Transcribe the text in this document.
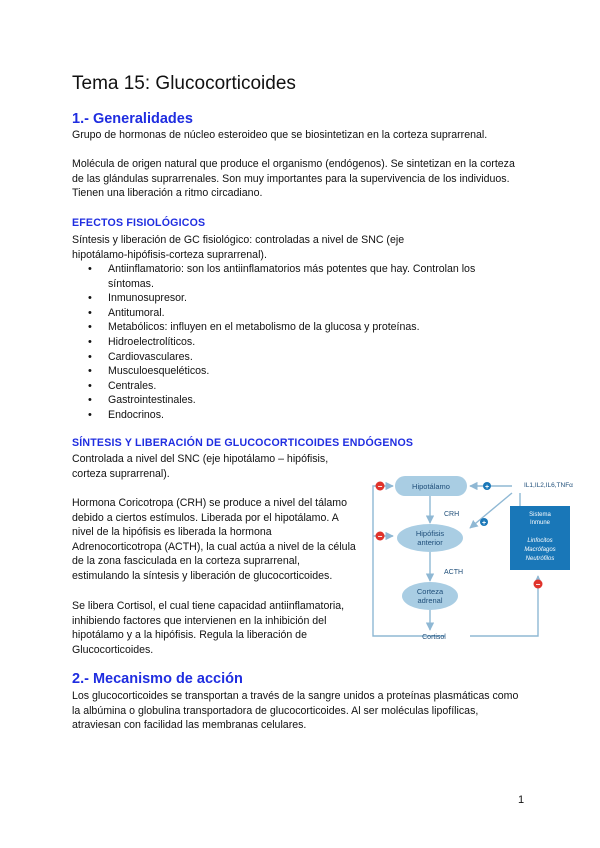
Tema 15: Glucocorticoides
1.- Generalidades
Grupo de hormonas de núcleo esteroideo que se biosintetizan en la corteza suprarrenal.
Molécula de origen natural que produce el organismo (endógenos). Se sintetizan en la corteza de las glándulas suprarrenales. Son muy importantes para la supervivencia de los individuos. Tienen una liberación a ritmo circadiano.
EFECTOS FISIOLÓGICOS
Síntesis y liberación de GC fisiológico: controladas a nivel de SNC (eje hipotálamo-hipófisis-corteza suprarrenal).
• Antiinflamatorio: son los antiinflamatorios más potentes que hay. Controlan los síntomas.
• Inmunosupresor.
• Antitumoral.
• Metabólicos: influyen en el metabolismo de la glucosa y proteínas.
• Hidroelectrolíticos.
• Cardiovasculares.
• Musculoesqueléticos.
• Centrales.
• Gastrointestinales.
• Endocrinos.
SÍNTESIS Y LIBERACIÓN DE GLUCOCORTICOIDES ENDÓGENOS
Controlada a nivel del SNC (eje hipotálamo – hipófisis, corteza suprarrenal).
Hormona Coricotropa (CRH) se produce a nivel del tálamo debido a ciertos estímulos. Liberada por el hipotálamo. A nivel de la hipófisis es liberada la hormona Adrenocorticotropa (ACTH), la cual actúa a nivel de la célula de la zona fasciculada en la corteza suprarrenal, estimulando la síntesis y liberación de glucocorticoides.
Se libera Cortisol, el cual tiene capacidad antiinflamatoria, inhibiendo factores que intervienen en la inhibición del hipotálamo y a la hipófisis. Regula la liberación de Glucocorticoides.
Hipotálamo
Hipófisis
anterior
Corteza
adrenal
CRH
ACTH
Cortisol
IL1,IL2,IL6,TNFα
Sistema
Inmune
Linfocitos
Macrófagos
Neutrófilos
−
−
−
+
+
2.- Mecanismo de acción
Los glucocorticoides se transportan a través de la sangre unidos a proteínas plasmáticas como la albúmina o globulina transportadora de glucocorticoides. Al ser moléculas lipofílicas, atraviesan con facilidad las membranas celulares.
1
